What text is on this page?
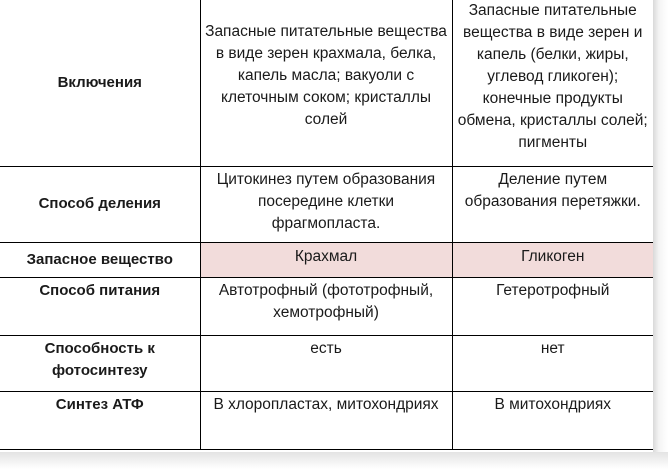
Включения	Запасные питательные вещества в виде зерен крахмала, белка, капель масла; вакуоли с клеточным соком; кристаллы солей	Запасные питательные вещества в виде зерен и капель (белки, жиры, углевод гликоген); конечные продукты обмена, кристаллы солей; пигменты

Способ деления	Цитокинез путем образования посередине клетки фрагмопласта.	Деление путем образования перетяжки.

Запасное вещество	Крахмал	Гликоген

Способ питания	Автотрофный (фототрофный, хемотрофный)	Гетеротрофный

Способность к фотосинтезу	есть	нет

Синтез АТФ	В хлоропластах, митохондриях	В митохондриях
